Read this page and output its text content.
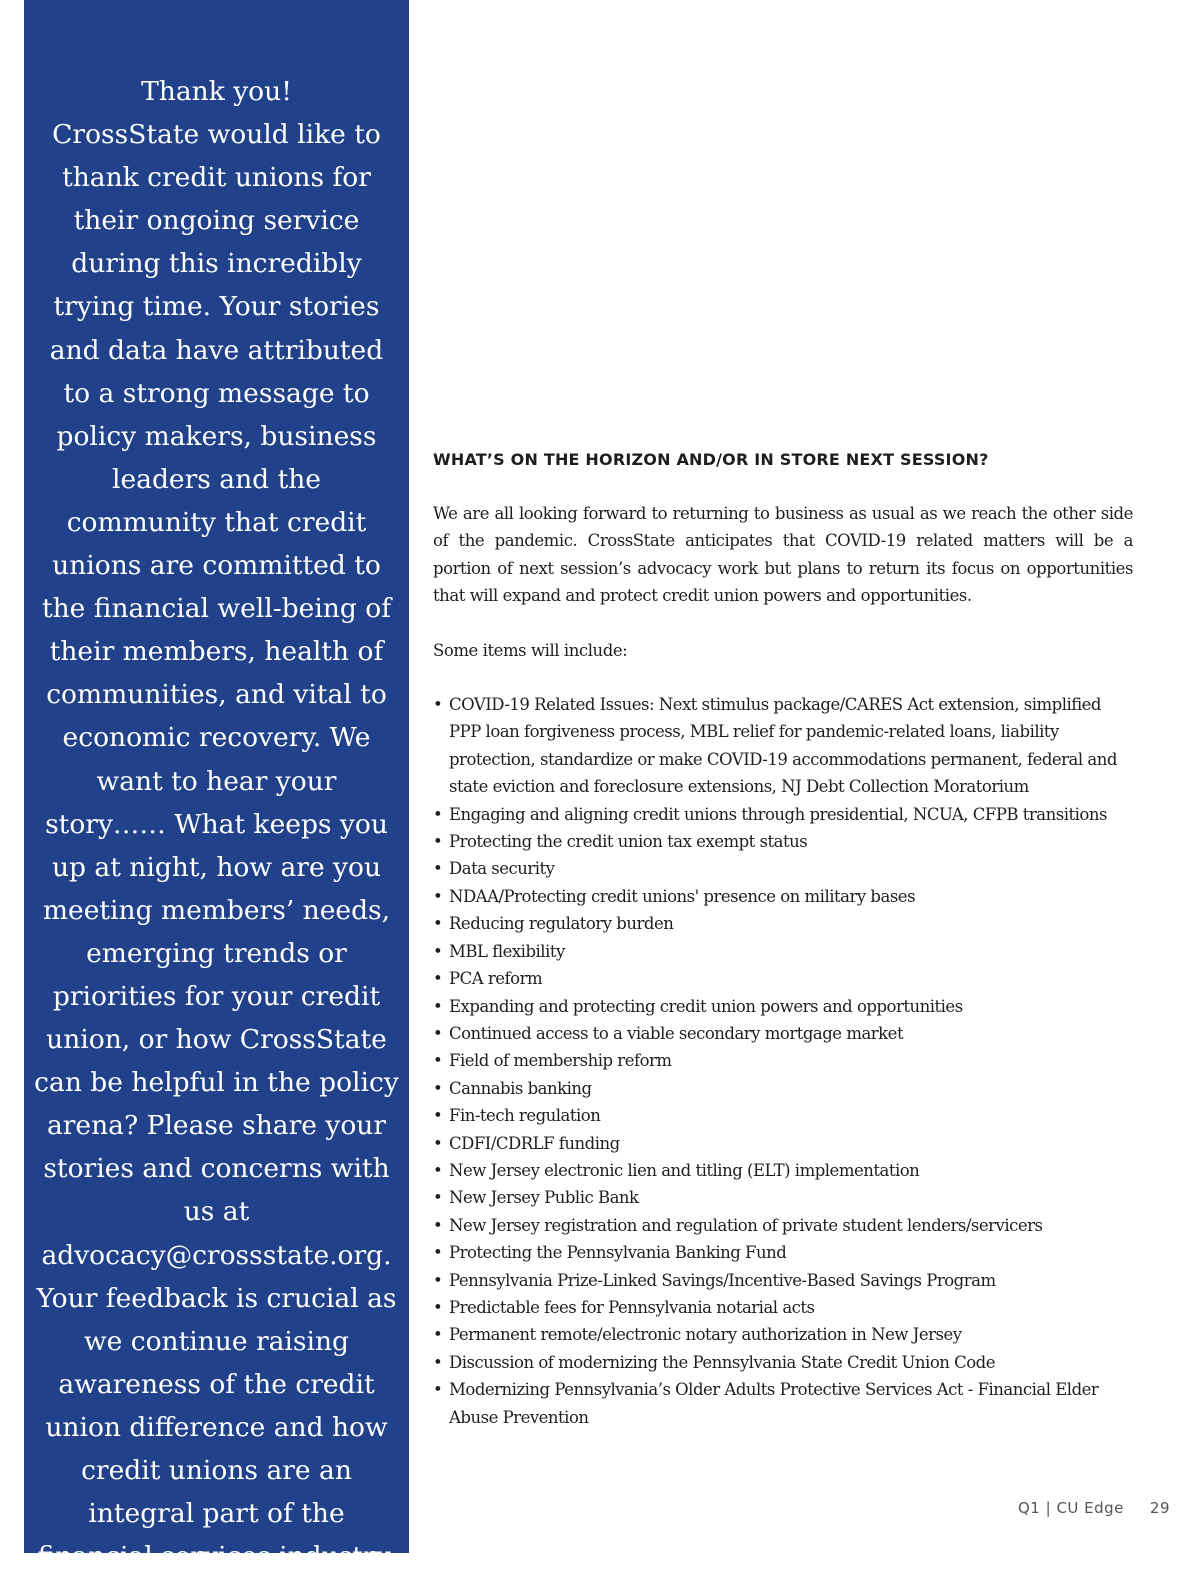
Thank you!

CrossState would like to thank credit unions for their ongoing service during this incredibly trying time. Your stories and data have attributed to a strong message to policy makers, business leaders and the community that credit unions are committed to the financial well-being of their members, health of communities, and vital to economic recovery. We want to hear your story…… What keeps you up at night, how are you meeting members’ needs, emerging trends or priorities for your credit union, or how CrossState can be helpful in the policy arena? Please share your stories and concerns with us at advocacy@crossstate.org. Your feedback is crucial as we continue raising awareness of the credit union difference and how credit unions are an integral part of the financial services industry.

WHAT’S ON THE HORIZON AND/OR IN STORE NEXT SESSION?

We are all looking forward to returning to business as usual as we reach the other side of the pandemic. CrossState anticipates that COVID-19 related matters will be a portion of next session’s advocacy work but plans to return its focus on opportunities that will expand and protect credit union powers and opportunities.

Some items will include:

• COVID-19 Related Issues: Next stimulus package/CARES Act extension, simplified PPP loan forgiveness process, MBL relief for pandemic-related loans, liability protection, standardize or make COVID-19 accommodations permanent, federal and state eviction and foreclosure extensions, NJ Debt Collection Moratorium
• Engaging and aligning credit unions through presidential, NCUA, CFPB transitions
• Protecting the credit union tax exempt status
• Data security
• NDAA/Protecting credit unions' presence on military bases
• Reducing regulatory burden
• MBL flexibility
• PCA reform
• Expanding and protecting credit union powers and opportunities
• Continued access to a viable secondary mortgage market
• Field of membership reform
• Cannabis banking
• Fin-tech regulation
• CDFI/CDRLF funding
• New Jersey electronic lien and titling (ELT) implementation
• New Jersey Public Bank
• New Jersey registration and regulation of private student lenders/servicers
• Protecting the Pennsylvania Banking Fund
• Pennsylvania Prize-Linked Savings/Incentive-Based Savings Program
• Predictable fees for Pennsylvania notarial acts
• Permanent remote/electronic notary authorization in New Jersey
• Discussion of modernizing the Pennsylvania State Credit Union Code
• Modernizing Pennsylvania’s Older Adults Protective Services Act - Financial Elder Abuse Prevention
Q1 | CU Edge 29
